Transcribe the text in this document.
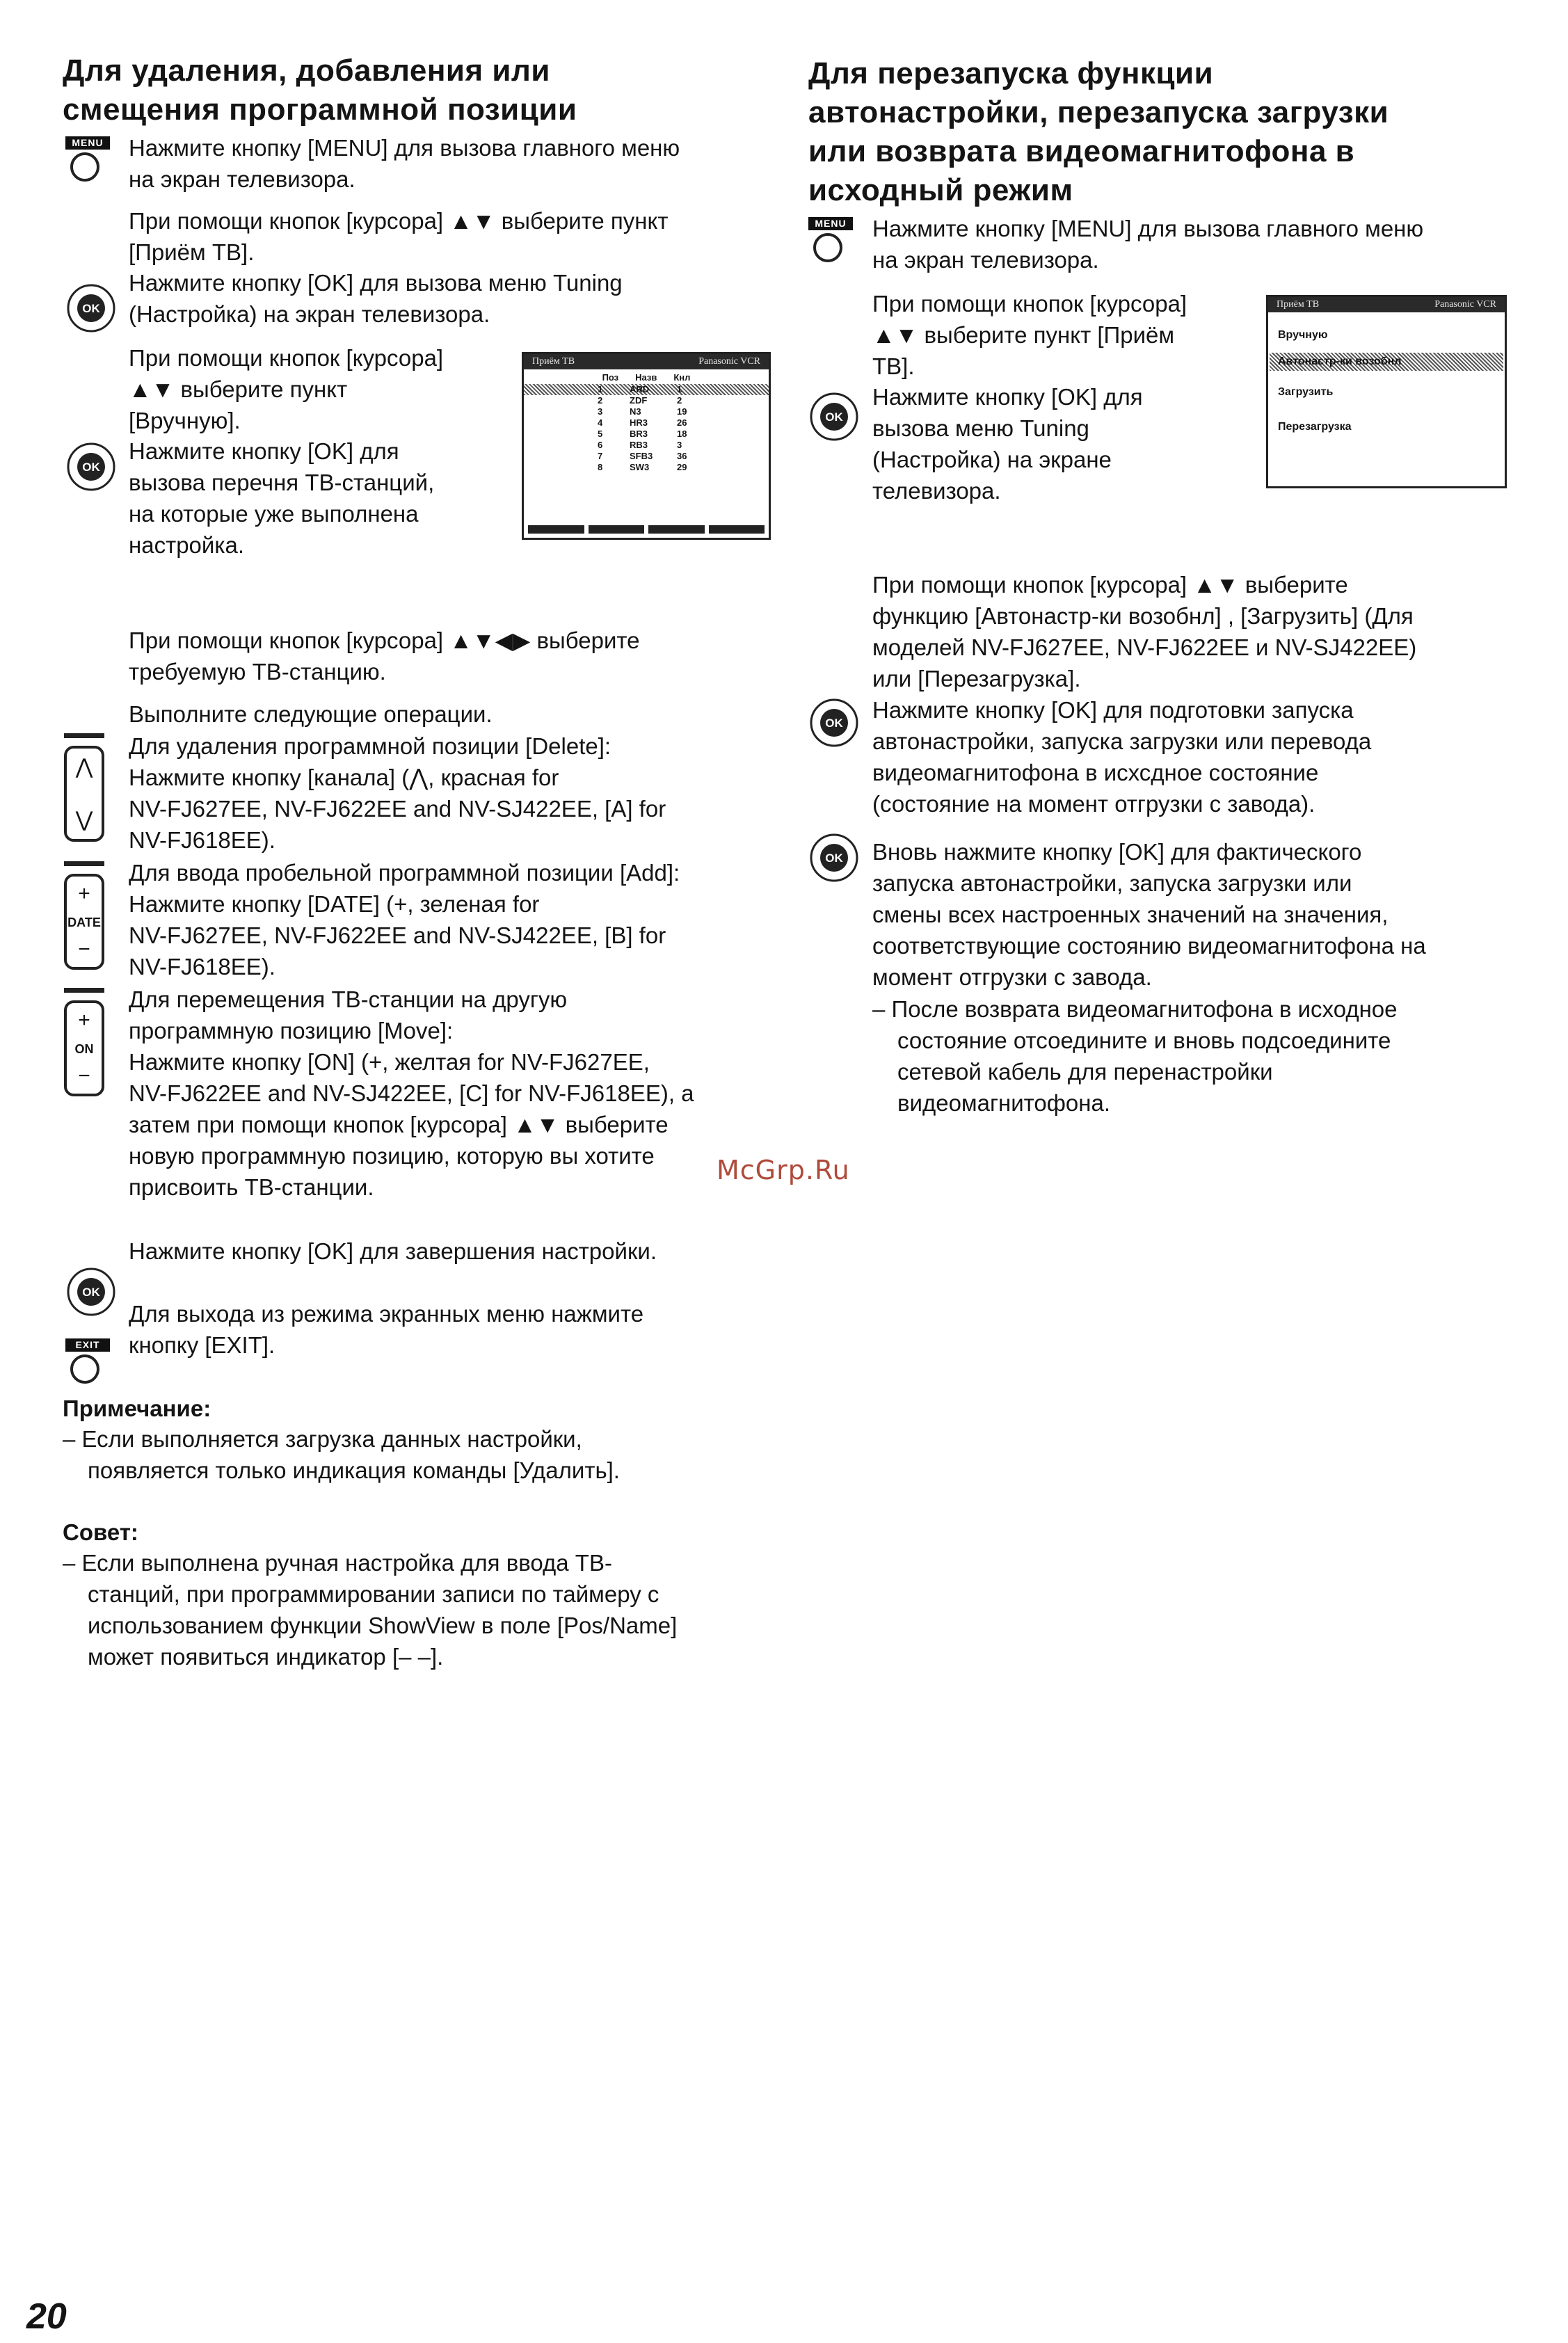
Для удаления, добавления или
смещения программной позиции
MENU Нажмите кнопку [MENU] для вызова главного меню
на экран телевизора.
При помощи кнопок [курсора] ▲▼ выберите пункт
[Приём ТВ].
OK
Нажмите кнопку [OK] для вызова меню Tuning
(Настройка) на экран телевизора.
При помощи кнопок [курсора]
▲▼ выберите пункт
[Вручную].
OK
Нажмите кнопку [OK] для
вызова перечня ТВ-станций,
на которые уже выполнена
настройка.
Приём ТВ	Panasonic VCR
Поз Назв Кнл
1	ARD	1
2	ZDF	2
3	N3	19
4	HR3	26
5	BR3	18
6	RB3	3
7	SFB3	36
8	SW3	29
При помощи кнопок [курсора] ▲▼◀▶ выберите
требуемую ТВ-станцию.
Выполните следующие операции.
⋀
⋁
Для удаления программной позиции [Delete]:
Нажмите кнопку [канала] (⋀, красная for
NV-FJ627EE, NV-FJ622EE and NV-SJ422EE, [A] for
NV-FJ618EE).
+
DATE
−
Для ввода пробельной программной позиции [Add]:
Нажмите кнопку [DATE] (+, зеленая for
NV-FJ627EE, NV-FJ622EE and NV-SJ422EE, [B] for
NV-FJ618EE).
+
ON
−
Для перемещения ТВ-станции на другую
программную позицию [Move]:
Нажмите кнопку [ON] (+, желтая for NV-FJ627EE,
NV-FJ622EE and NV-SJ422EE, [C] for NV-FJ618EE), а
затем при помощи кнопок [курсора] ▲▼ выберите
новую программную позицию, которую вы хотите
присвоить ТВ-станции.
Нажмите кнопку [OK] для завершения настройки.
OK
EXIT
Для выхода из режима экранных меню нажмите
кнопку [EXIT].
Примечание:
– Если выполняется загрузка данных настройки,
появляется только индикация команды [Удалить].
Совет:
– Если выполнена ручная настройка для ввода ТВ-
станций, при программировании записи по таймеру с
использованием функции ShowView в поле [Pos/Name]
может появиться индикатор [– –].
Для перезапуска функции
автонастройки, перезапуска загрузки
или возврата видеомагнитофона в
исходный режим
MENU Нажмите кнопку [MENU] для вызова главного меню
на экран телевизора.
При помощи кнопок [курсора]
▲▼ выберите пункт [Приём
ТВ].
OK
Нажмите кнопку [OK] для
вызова меню Tuning
(Настройка) на экране
телевизора.
Приём ТВ	Panasonic VCR
Вручную
Автонастр-ки возобнл
Загрузить
Перезагрузка
При помощи кнопок [курсора] ▲▼ выберите
функцию [Автонастр-ки возобнл] , [Загрузить] (Для
моделей NV-FJ627EE, NV-FJ622EE и NV-SJ422EE)
или [Перезагрузка].
OK
Нажмите кнопку [OK] для подготовки запуска
автонастройки, запуска загрузки или перевода
видеомагнитофона в исхсдное состояние
(состояние на момент отгрузки с завода).
OK Вновь нажмите кнопку [OK] для фактического
запуска автонастройки, запуска загрузки или
смены всех настроенных значений на значения,
соответствующие состоянию видеомагнитофона на
момент отгрузки с завода.
– После возврата видеомагнитофона в исходное
состояние отсоедините и вновь подсоедините
сетевой кабель для перенастройки
видеомагнитофона.
McGrp.Ru
20
